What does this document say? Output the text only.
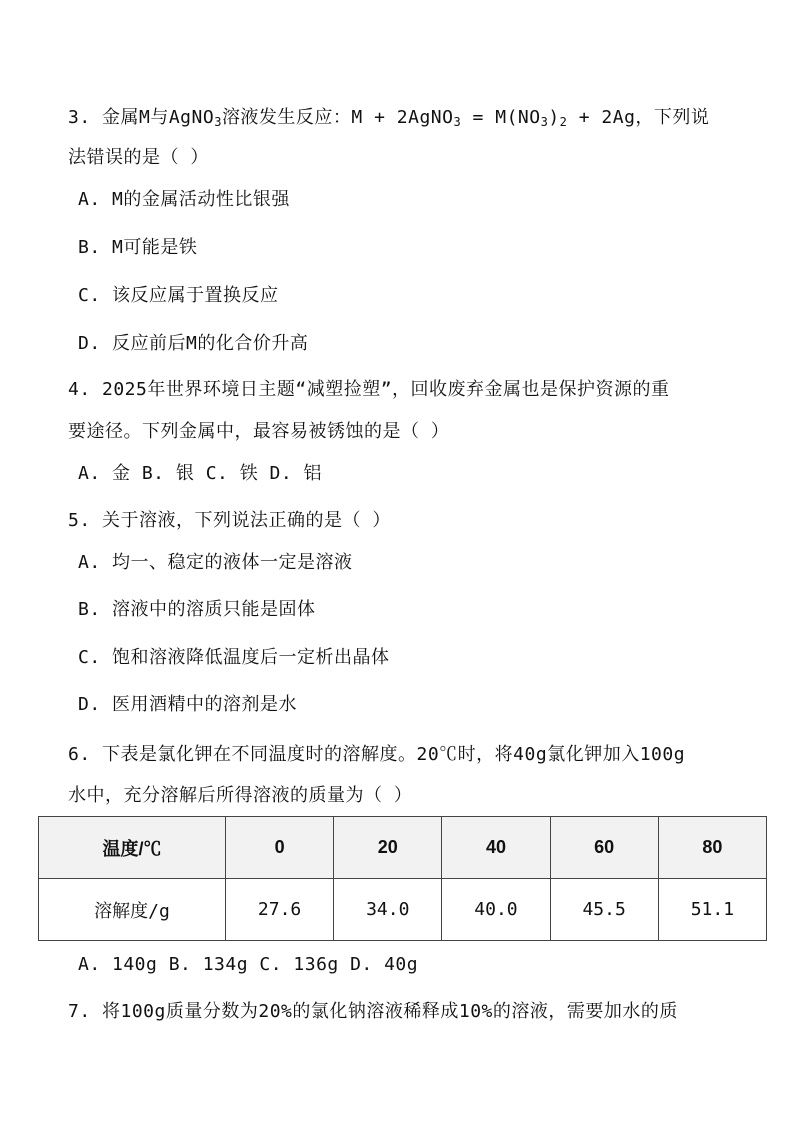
3. 金属M与AgNO$_3$溶液发生反应：M + 2AgNO$_3$ = $M(NO_3)_2 + 2Ag$，下列说
法错误的是（ ）
A. M的金属活动性比银强
B. M可能是铁
C. 该反应属于置换反应
D. 反应前后M的化合价升高
4. 2025年世界环境日主题“减塑捡塑”，回收废弃金属也是保护资源的重
要途径。下列金属中，最容易被锈蚀的是（ ）
A. 金 B. 银 C. 铁 D. 铝
5. 关于溶液，下列说法正确的是（ ）
A. 均一、稳定的液体一定是溶液
B. 溶液中的溶质只能是固体
C. 饱和溶液降低温度后一定析出晶体
D. 医用酒精中的溶剂是水
6. 下表是氯化钾在不同温度时的溶解度。20℃时，将40g氯化钾加入100g
水中，充分溶解后所得溶液的质量为（ ）
温度/℃	0	20	40	60	80
溶解度/g	27.6	34.0	40.0	45.5	51.1
A. 140g B. 134g C. 136g D. 40g
7. 将100g质量分数为20%的氯化钠溶液稀释成10%的溶液，需要加水的质
